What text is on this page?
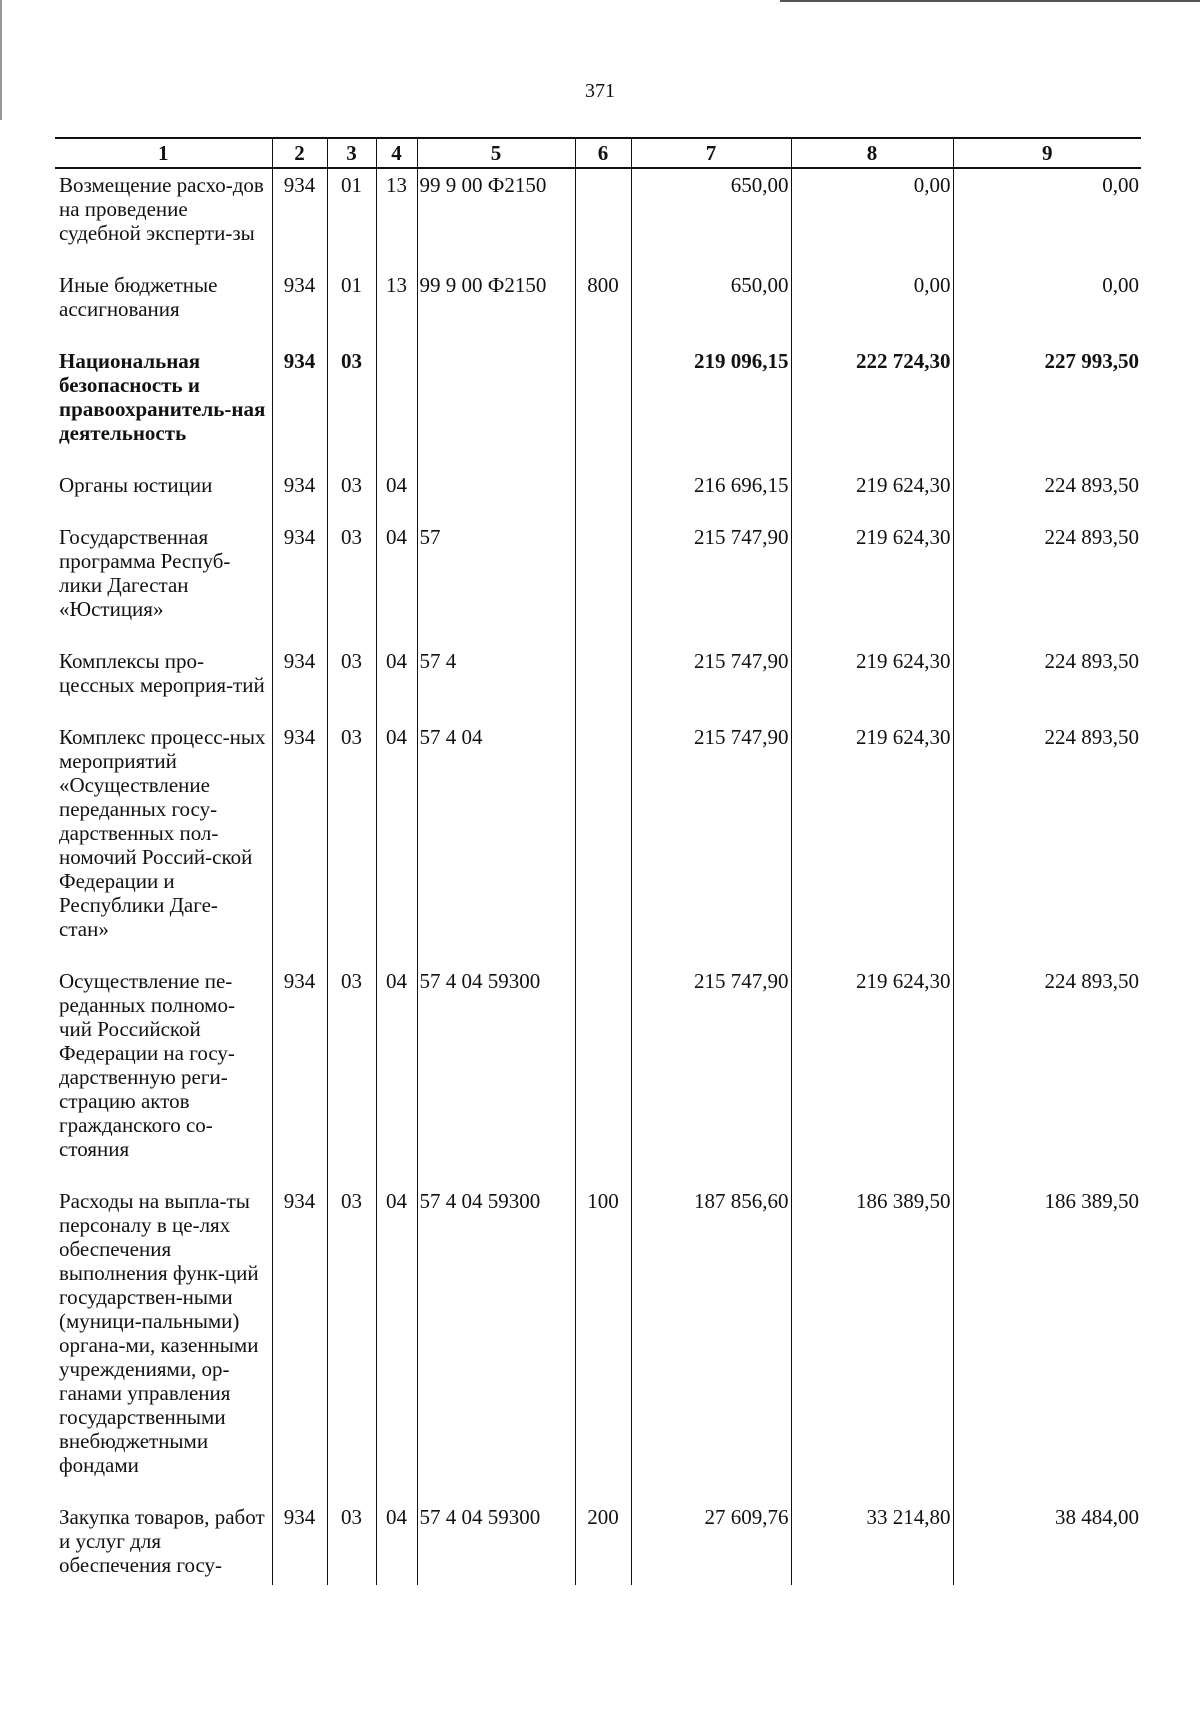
371
1	2	3	4	5	6	7	8	9
Возмещение расхо-дов на проведение судебной эксперти-зы	934	01	13	99 9 00 Ф2150		650,00	0,00	0,00
Иные бюджетные ассигнования	934	01	13	99 9 00 Ф2150	800	650,00	0,00	0,00
Национальная безопасность и правоохранитель-ная деятельность	934	03				219 096,15	222 724,30	227 993,50
Органы юстиции	934	03	04			216 696,15	219 624,30	224 893,50
Государственная программа Респуб-лики Дагестан «Юстиция»	934	03	04	57		215 747,90	219 624,30	224 893,50
Комплексы про-цессных мероприя-тий	934	03	04	57 4		215 747,90	219 624,30	224 893,50
Комплекс процесс-ных мероприятий «Осуществление переданных госу-дарственных пол-номочий Россий-ской Федерации и Республики Даге-стан»	934	03	04	57 4 04		215 747,90	219 624,30	224 893,50
Осуществление пе-реданных полномо-чий Российской Федерации на госу-дарственную реги-страцию актов гражданского со-стояния	934	03	04	57 4 04 59300		215 747,90	219 624,30	224 893,50
Расходы на выпла-ты персоналу в це-лях обеспечения выполнения функ-ций государствен-ными (муници-пальными) органа-ми, казенными учреждениями, ор-ганами управления государственными внебюджетными фондами	934	03	04	57 4 04 59300	100	187 856,60	186 389,50	186 389,50
Закупка товаров, работ и услуг для обеспечения госу-	934	03	04	57 4 04 59300	200	27 609,76	33 214,80	38 484,00
